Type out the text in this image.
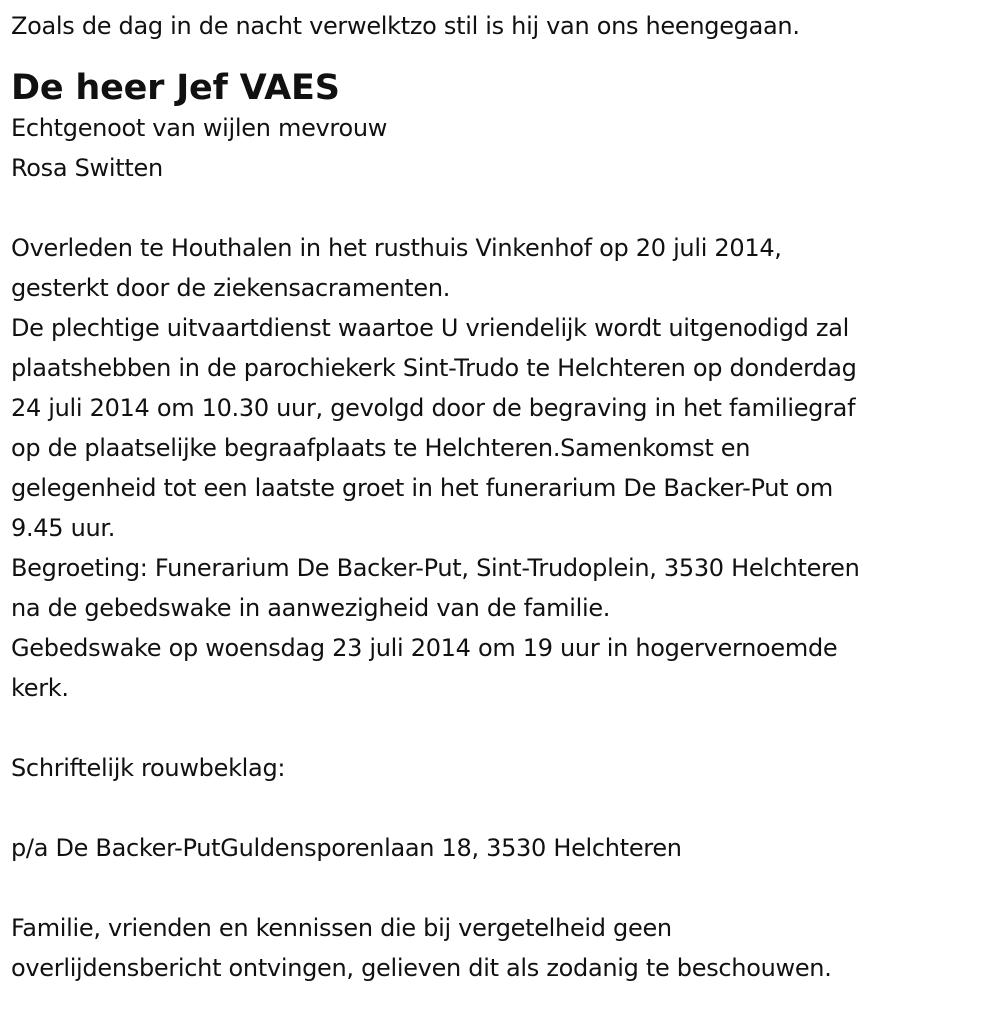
Zoals de dag in de nacht verwelktzo stil is hij van ons heengegaan.

De heer Jef VAES

Echtgenoot van wijlen mevrouw

Rosa Switten

Overleden te Houthalen in het rusthuis Vinkenhof op 20 juli 2014,

gesterkt door de ziekensacramenten.

De plechtige uitvaartdienst waartoe U vriendelijk wordt uitgenodigd zal

plaatshebben in de parochiekerk Sint-Trudo te Helchteren op donderdag

24 juli 2014 om 10.30 uur, gevolgd door de begraving in het familiegraf

op de plaatselijke begraafplaats te Helchteren.Samenkomst en

gelegenheid tot een laatste groet in het funerarium De Backer-Put om

9.45 uur.

Begroeting: Funerarium De Backer-Put, Sint-Trudoplein, 3530 Helchteren

na de gebedswake in aanwezigheid van de familie.

Gebedswake op woensdag 23 juli 2014 om 19 uur in hogervernoemde

kerk.

Schriftelijk rouwbeklag:

p/a De Backer-PutGuldensporenlaan 18, 3530 Helchteren

Familie, vrienden en kennissen die bij vergetelheid geen

overlijdensbericht ontvingen, gelieven dit als zodanig te beschouwen.
